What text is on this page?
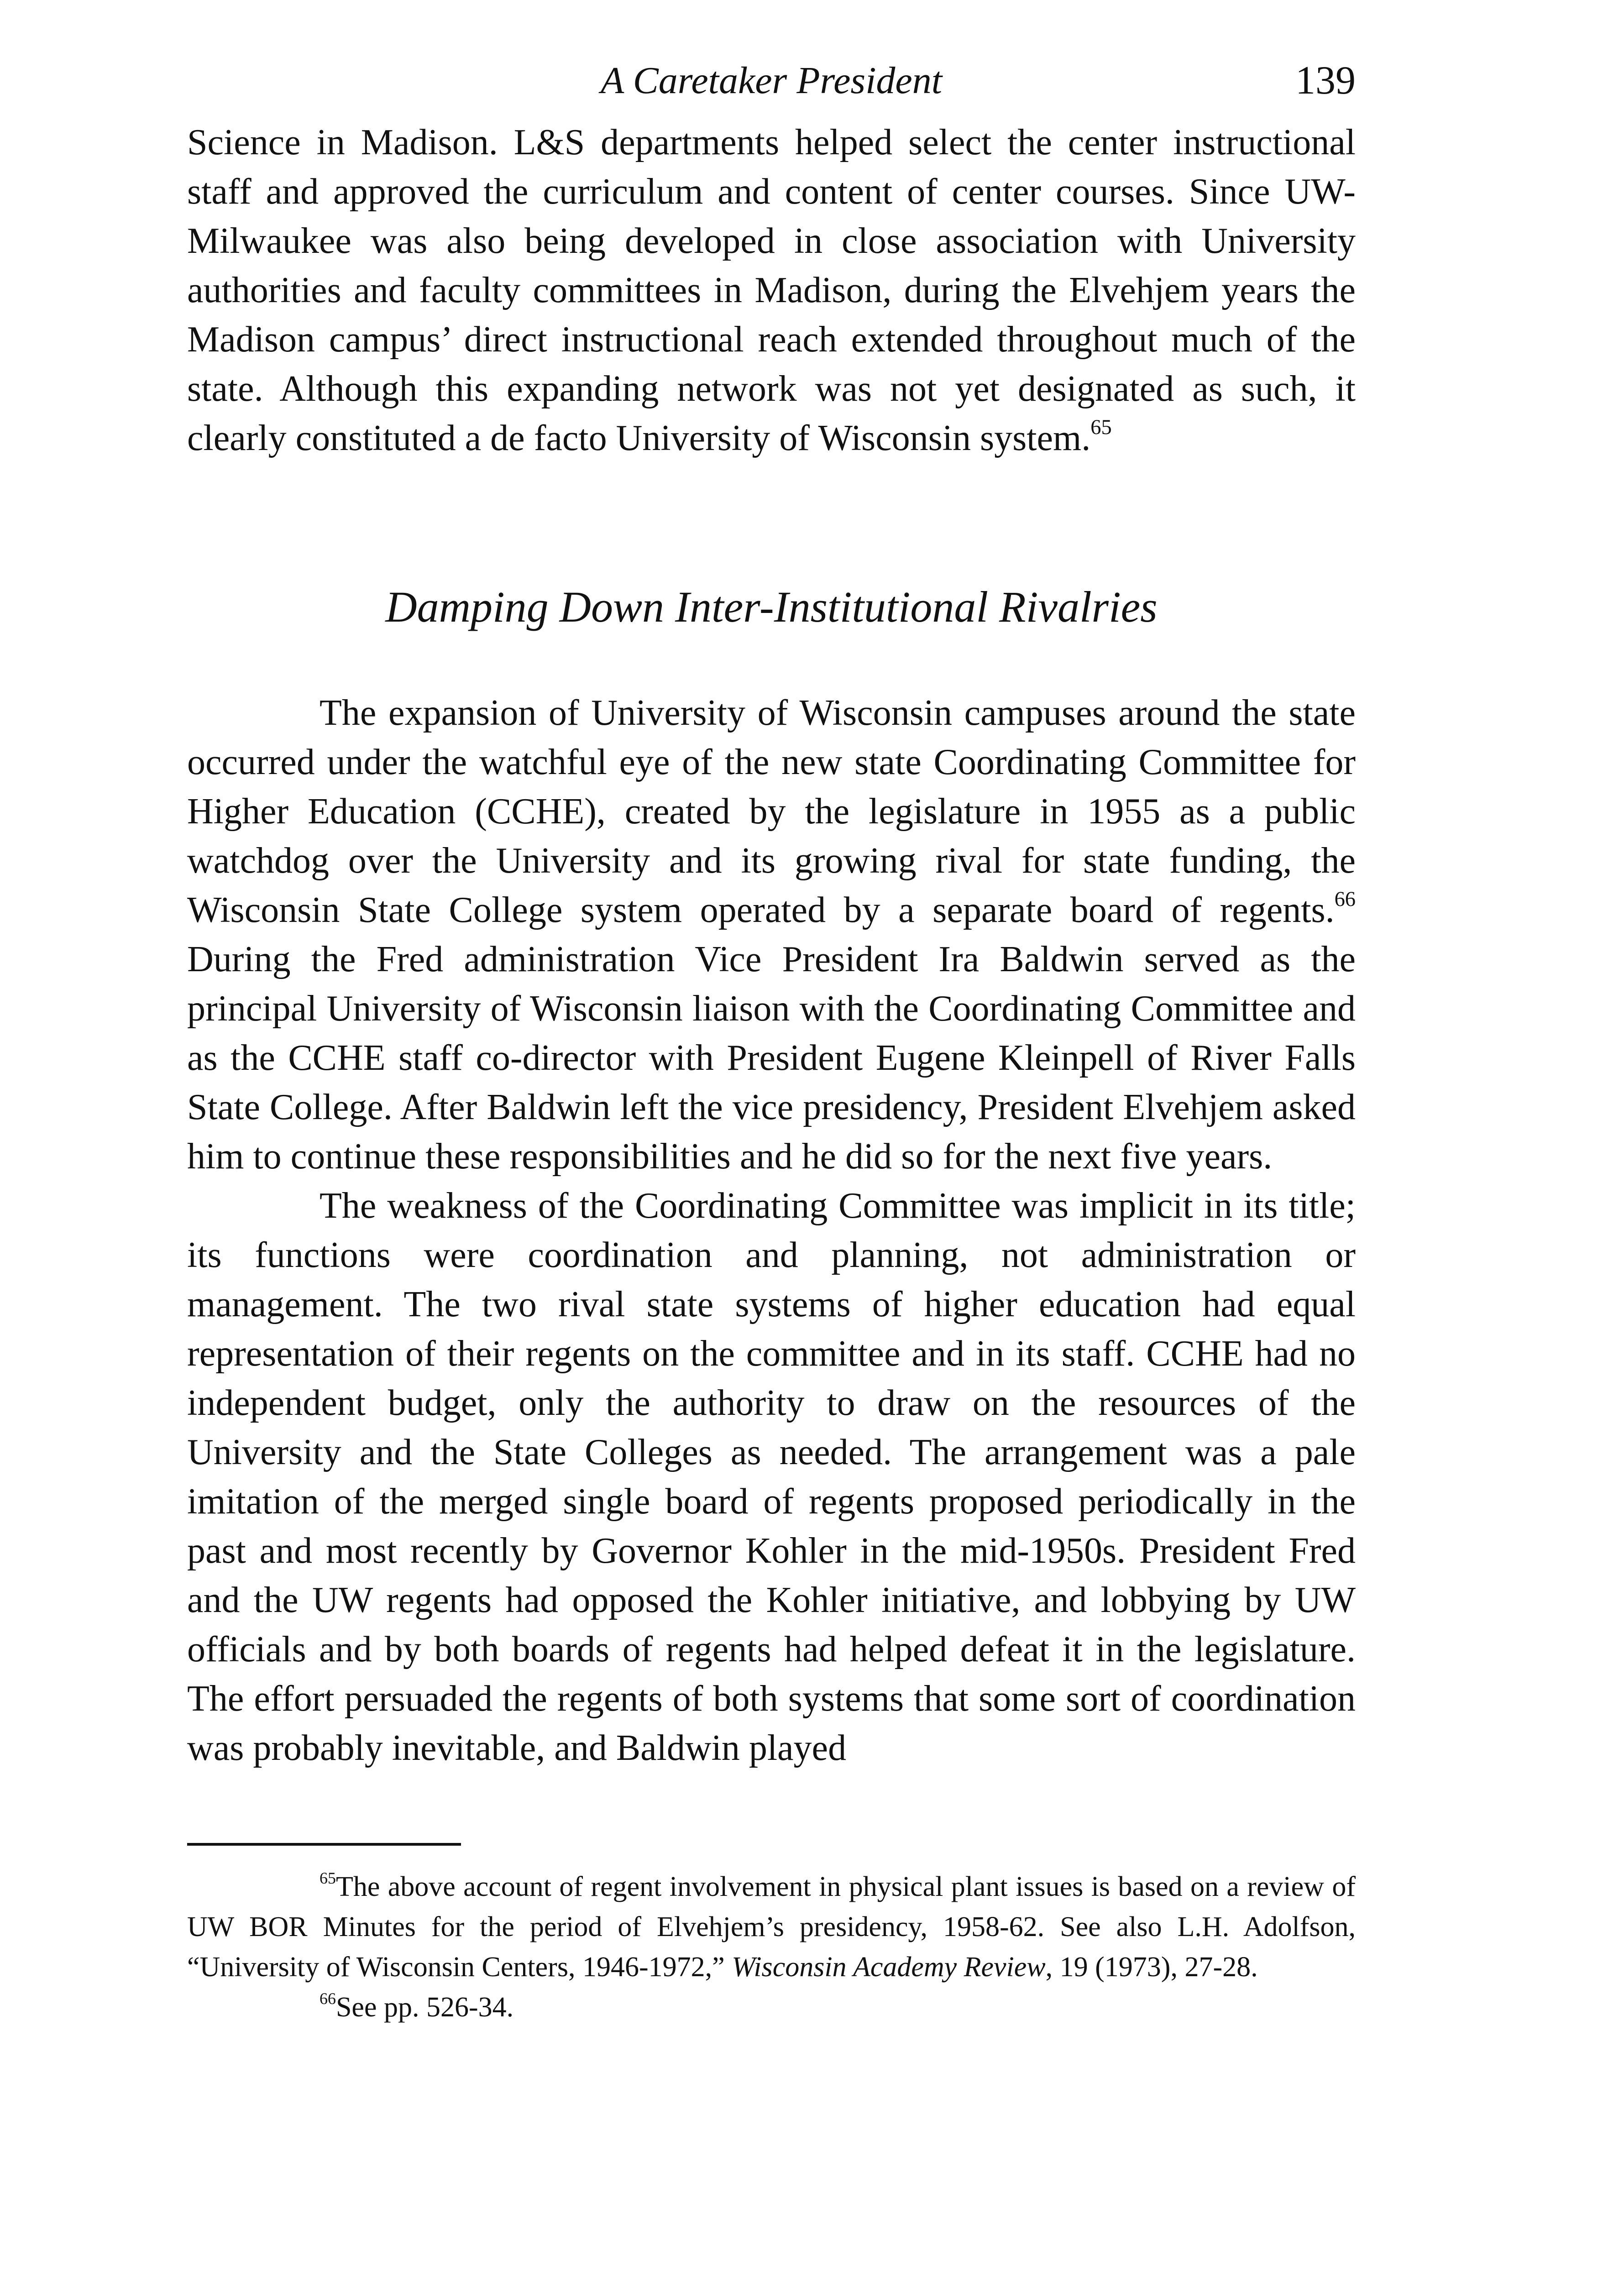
A Caretaker President	139

Science in Madison. L&S departments helped select the center instructional staff and approved the curriculum and content of center courses. Since UW-Milwaukee was also being developed in close association with University authorities and faculty committees in Madison, during the Elvehjem years the Madison campus’ direct instructional reach extended throughout much of the state. Although this expanding network was not yet designated as such, it clearly constituted a de facto University of Wisconsin system.$^{65}$

Damping Down Inter-Institutional Rivalries

The expansion of University of Wisconsin campuses around the state occurred under the watchful eye of the new state Coordinating Committee for Higher Education (CCHE), created by the legislature in 1955 as a public watchdog over the University and its growing rival for state funding, the Wisconsin State College system operated by a separate board of regents.$^{66}$ During the Fred administration Vice President Ira Baldwin served as the principal University of Wisconsin liaison with the Coordinating Committee and as the CCHE staff co-director with President Eugene Kleinpell of River Falls State College. After Baldwin left the vice presidency, President Elvehjem asked him to continue these responsibilities and he did so for the next five years.

The weakness of the Coordinating Committee was implicit in its title; its functions were coordination and planning, not administration or management. The two rival state systems of higher education had equal representation of their regents on the committee and in its staff. CCHE had no independent budget, only the authority to draw on the resources of the University and the State Colleges as needed. The arrangement was a pale imitation of the merged single board of regents proposed periodically in the past and most recently by Governor Kohler in the mid-1950s. President Fred and the UW regents had opposed the Kohler initiative, and lobbying by UW officials and by both boards of regents had helped defeat it in the legislature. The effort persuaded the regents of both systems that some sort of coordination was probably inevitable, and Baldwin played

$^{65}$The above account of regent involvement in physical plant issues is based on a review of UW BOR Minutes for the period of Elvehjem’s presidency, 1958-62. See also L.H. Adolfson, “University of Wisconsin Centers, 1946-1972,” Wisconsin Academy Review, 19 (1973), 27-28.

$^{66}$See pp. 526-34.
